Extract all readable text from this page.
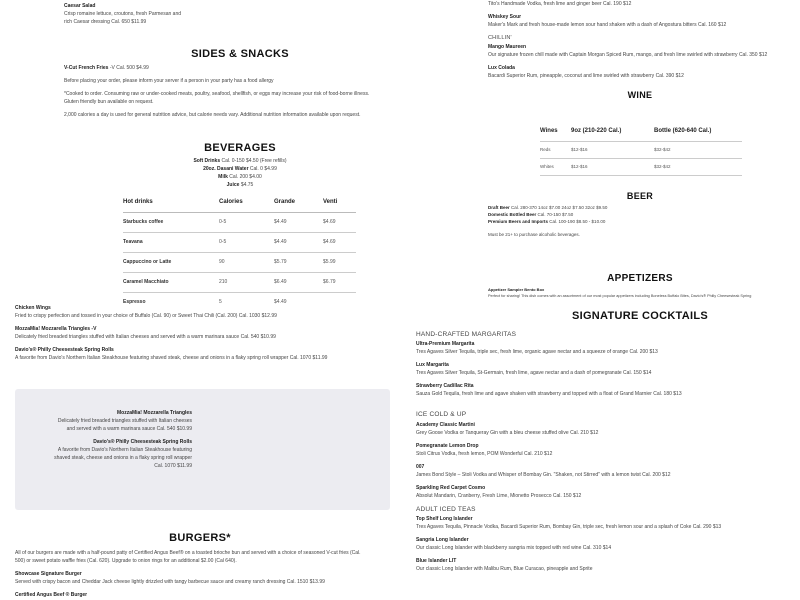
Caesar Salad

Crisp romaine lettuce, croutons, fresh Parmesan and

rich Caesar dressing Cal. 650 $11.99

SIDES & SNACKS

V-Cut French Fries -V Cal. 500 $4.99

Before placing your order, please inform your server if a person in your party has a food allergy

*Cooked to order. Consuming raw or under-cooked meats, poultry, seafood, shellfish, or eggs may increase your risk of food-borne illness.

Gluten friendly bun available on request.

2,000 calories a day is used for general nutrition advice, but calorie needs vary. Additional nutrition information available upon request.

BEVERAGES

Soft Drinks Cal. 0-150 $4.50 (Free refills)

20oz. Dasani Water Cal. 0 $4.99

Milk Cal. 200 $4.00

Juice $4.75

Hot drinks	Calories	Grande	Venti
Starbucks coffee	0-5	$4.49	$4.69
Teavana	0-5	$4.49	$4.69
Cappuccino or Latte	90	$5.79	$5.99
Caramel Macchiato	210	$6.49	$6.79
Espresso	5	$4.49	

Chicken Wings

Fried to crispy perfection and tossed in your choice of Buffalo (Cal. 90) or Sweet Thai Chili (Cal. 200) Cal. 1030 $12.99

MozzaMia! Mozzarella Triangles -V

Delicately fried breaded triangles stuffed with Italian cheeses and served with a warm marinara sauce Cal. 540 $10.99

Davio's® Philly Cheesesteak Spring Rolls

A favorite from Davio's Northern Italian Steakhouse featuring shaved steak, cheese and onions in a flaky spring roll wrapper Cal. 1070 $11.99

MozzaMia! Mozzarella Triangles

Delicately fried breaded triangles stuffed with Italian cheeses

and served with a warm marinara sauce Cal. 540 $10.99

Davio's® Philly Cheesesteak Spring Rolls

A favorite from Davio's Northern Italian Steakhouse featuring

shaved steak, cheese and onions in a flaky spring roll wrapper

Cal. 1070 $11.99

BURGERS*

All of our burgers are made with a half-pound patty of Certified Angus Beef® on a toasted brioche bun and served with a choice of seasoned V-cut fries (Cal.

500) or sweet potato waffle fries (Cal. 620). Upgrade to onion rings for an additional $2.00 (Cal 640).

Showcase Signature Burger

Served with crispy bacon and Cheddar Jack cheese lightly drizzled with tangy barbecue sauce and creamy ranch dressing Cal. 1510 $13.99

Certified Angus Beef ® Burger

Tito's Handmade Vodka, fresh lime and ginger beer Cal. 190 $12

Whiskey Sour

Maker's Mark and fresh house-made lemon sour hand shaken with a dash of Angostura bitters Cal. 160 $12

CHILLIN'

Mango Maureen

Our signature frozen chill made with Captain Morgan Spiced Rum, mango, and fresh lime swirled with strawberry Cal. 350 $12

Lux Colada

Bacardi Superior Rum, pineapple, coconut and lime swirled with strawberry Cal. 390 $12

WINE
Wines	9oz (210-220 Cal.)	Bottle (620-640 Cal.)
Reds	$12-$16	$32-$42
Whites	$12-$16	$32-$42
BEER

Draft Beer Cal. 280-370 14oz $7.00 24oz $7.50 32oz $9.50

Domestic Bottled Beer Cal. 70-150 $7.50

Premium Beers and Imports Cal. 100-190 $8.50 - $10.00

Must be 21+ to purchase alcoholic beverages.

APPETIZERS

Appetizer Sampler Bento Box

Perfect for sharing! This dish comes with an assortment of our most popular appetizers including Boneless Buffalo Bites, Davio's® Philly Cheesesteak Spring

SIGNATURE COCKTAILS

HAND-CRAFTED MARGARITAS

Ultra-Premium Margarita

Tres Agaves Silver Tequila, triple sec, fresh lime, organic agave nectar and a squeeze of orange Cal. 200 $13

Lux Margarita

Tres Agaves Silver Tequila, St-Germain, fresh lime, agave nectar and a dash of pomegranate Cal. 150 $14

Strawberry Cadillac Rita

Sauza Gold Tequila, fresh lime and agave shaken with strawberry and topped with a float of Grand Marnier Cal. 180 $13

ICE COLD & UP

Academy Classic Martini

Grey Goose Vodka or Tanqueray Gin with a bleu cheese stuffed olive Cal. 210 $12

Pomegranate Lemon Drop

Stoli Citrus Vodka, fresh lemon, POM Wonderful Cal. 210 $12

007

James Bond Style – Stoli Vodka and Whisper of Bombay Gin. "Shaken, not Stirred" with a lemon twist Cal. 200 $12

Sparkling Red Carpet Cosmo

Absolut Mandarin, Cranberry, Fresh Lime, Mionetto Prosecco Cal. 150 $12

ADULT ICED TEAS

Top Shelf Long Islander

Tres Agaves Tequila, Pinnacle Vodka, Bacardi Superior Rum, Bombay Gin, triple sec, fresh lemon sour and a splash of Coke Cal. 290 $13

Sangria Long Islander

Our classic Long Islander with blackberry sangria mix topped with red wine Cal. 310 $14

Blue Islander LIT

Our classic Long Islander with Malibu Rum, Blue Curacao, pineapple and Sprite
